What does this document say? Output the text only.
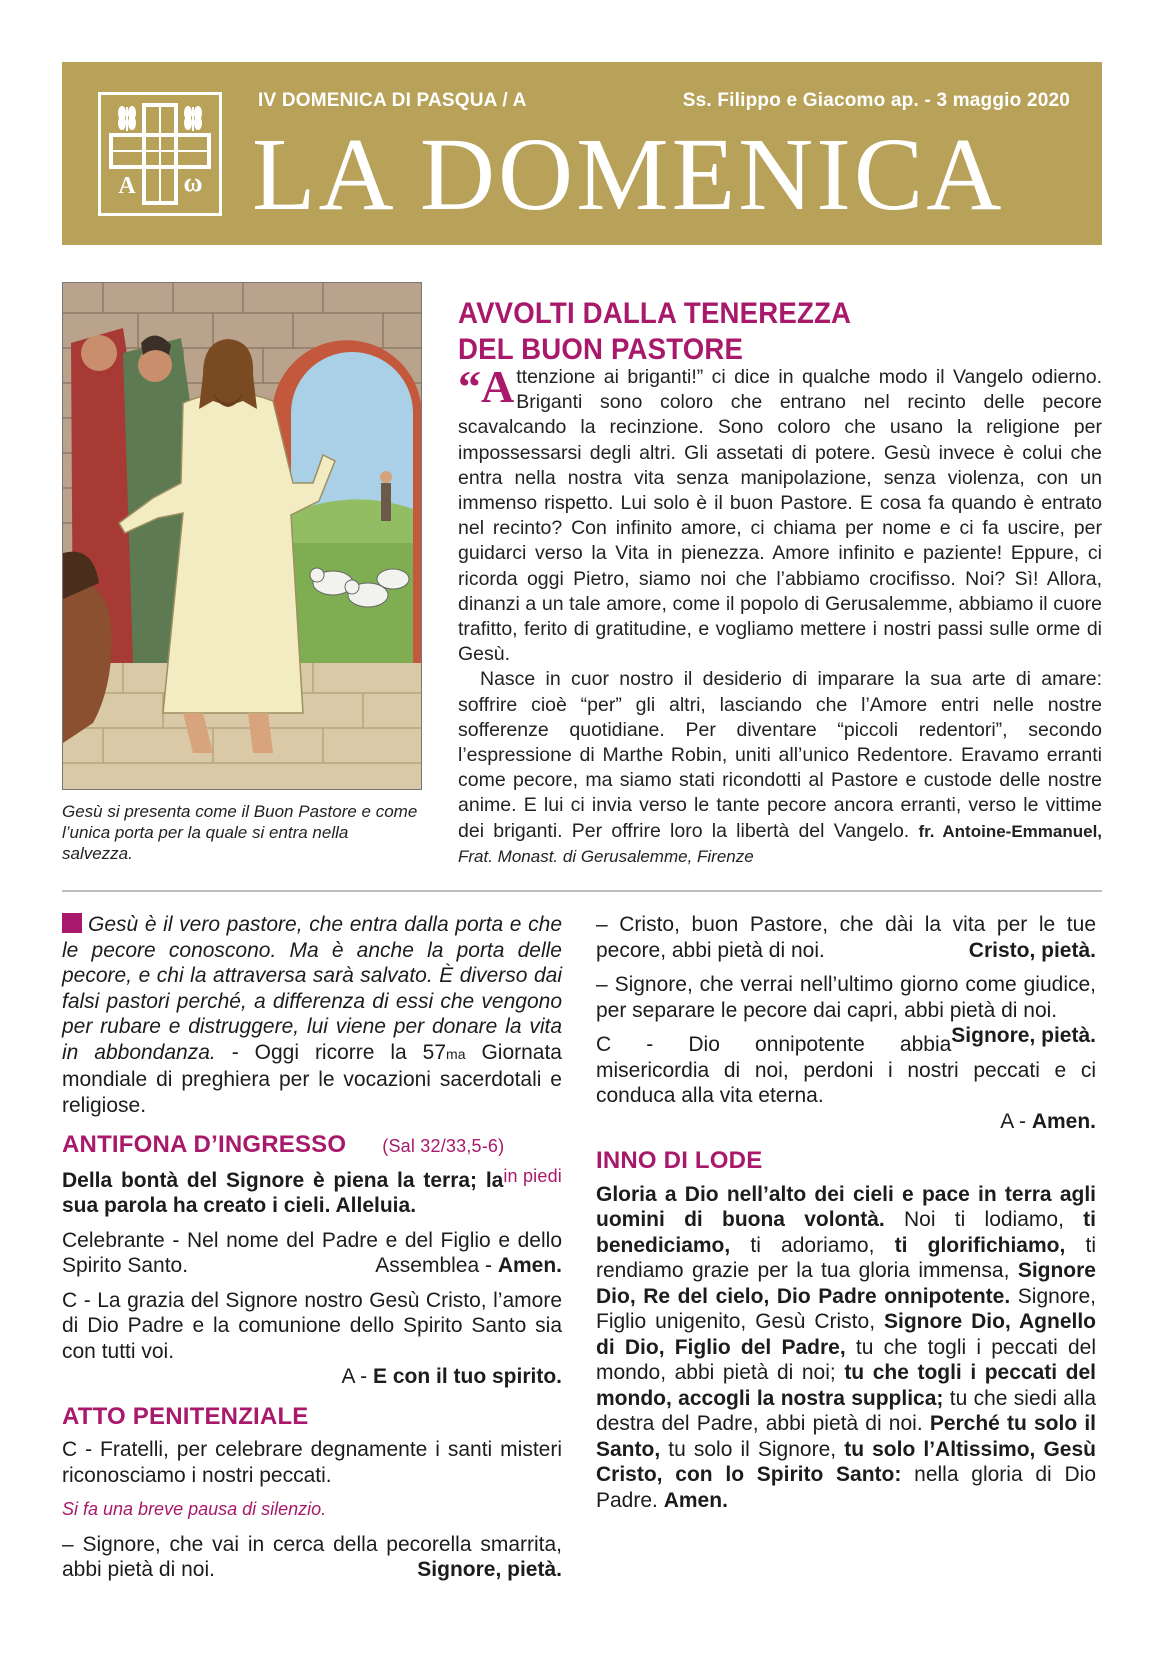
A ω
IV DOMENICA DI PASQUA / A	Ss. Filippo e Giacomo ap. - 3 maggio 2020
LA DOMENICA
Gesù si presenta come il Buon Pastore e come l’unica porta per la quale si entra nella salvezza.
AVVOLTI DALLA TENEREZZA
DEL BUON PASTORE

“Attenzione ai briganti!” ci dice in qualche modo il Vangelo odierno. Briganti sono coloro che entrano nel recinto delle pecore scavalcando la recinzione. Sono coloro che usano la religione per impossessarsi degli altri. Gli assetati di potere. Gesù invece è colui che entra nella nostra vita senza manipolazione, senza violenza, con un immenso rispetto. Lui solo è il buon Pastore. E cosa fa quando è entrato nel recinto? Con infinito amore, ci chiama per nome e ci fa uscire, per guidarci verso la Vita in pienezza. Amore infinito e paziente! Eppure, ci ricorda oggi Pietro, siamo noi che l’abbiamo crocifisso. Noi? Sì! Allora, dinanzi a un tale amore, come il popolo di Gerusalemme, abbiamo il cuore trafitto, ferito di gratitudine, e vogliamo mettere i nostri passi sulle orme di Gesù.

Nasce in cuor nostro il desiderio di imparare la sua arte di amare: soffrire cioè “per” gli altri, lasciando che l’Amore entri nelle nostre sofferenze quotidiane. Per diventare “piccoli redentori”, secondo l’espressione di Marthe Robin, uniti all’unico Redentore. Eravamo erranti come pecore, ma siamo stati ricondotti al Pastore e custode delle nostre anime. E lui ci invia verso le tante pecore ancora erranti, verso le vittime dei briganti. Per offrire loro la libertà del Vangelo. fr. Antoine-Emmanuel, Frat. Monast. di Gerusalemme, Firenze

Gesù è il vero pastore, che entra dalla porta e che le pecore conoscono. Ma è anche la porta delle pecore, e chi la attraversa sarà salvato. È diverso dai falsi pastori perché, a differenza di essi che vengono per rubare e distruggere, lui viene per donare la vita in abbondanza. - Oggi ricorre la 57ma Giornata mondiale di preghiera per le vocazioni sacerdotali e religiose.

ANTIFONA D’INGRESSO (Sal 32/33,5-6)
in piedi

Della bontà del Signore è piena la terra; la sua parola ha creato i cieli. Alleluia.

Celebrante - Nel nome del Padre e del Figlio e dello Spirito Santo.	Assemblea - Amen.

C - La grazia del Signore nostro Gesù Cristo, l’amore di Dio Padre e la comunione dello Spirito Santo sia con tutti voi.
A - E con il tuo spirito.

ATTO PENITENZIALE

C - Fratelli, per celebrare degnamente i santi misteri riconosciamo i nostri peccati.

Si fa una breve pausa di silenzio.

– Signore, che vai in cerca della pecorella smarrita, abbi pietà di noi.	Signore, pietà.

– Cristo, buon Pastore, che dài la vita per le tue pecore, abbi pietà di noi.	Cristo, pietà.

– Signore, che verrai nell’ultimo giorno come giudice, per separare le pecore dai capri, abbi pietà di noi.
Signore, pietà.

C - Dio onnipotente abbia misericordia di noi, perdoni i nostri peccati e ci conduca alla vita eterna.
A - Amen.

INNO DI LODE

Gloria a Dio nell’alto dei cieli e pace in terra agli uomini di buona volontà. Noi ti lodiamo, ti benediciamo, ti adoriamo, ti glorifichiamo, ti rendiamo grazie per la tua gloria immensa, Signore Dio, Re del cielo, Dio Padre onnipotente. Signore, Figlio unigenito, Gesù Cristo, Signore Dio, Agnello di Dio, Figlio del Padre, tu che togli i peccati del mondo, abbi pietà di noi; tu che togli i peccati del mondo, accogli la nostra supplica; tu che siedi alla destra del Padre, abbi pietà di noi. Perché tu solo il Santo, tu solo il Signore, tu solo l’Altissimo, Gesù Cristo, con lo Spirito Santo: nella gloria di Dio Padre. Amen.
